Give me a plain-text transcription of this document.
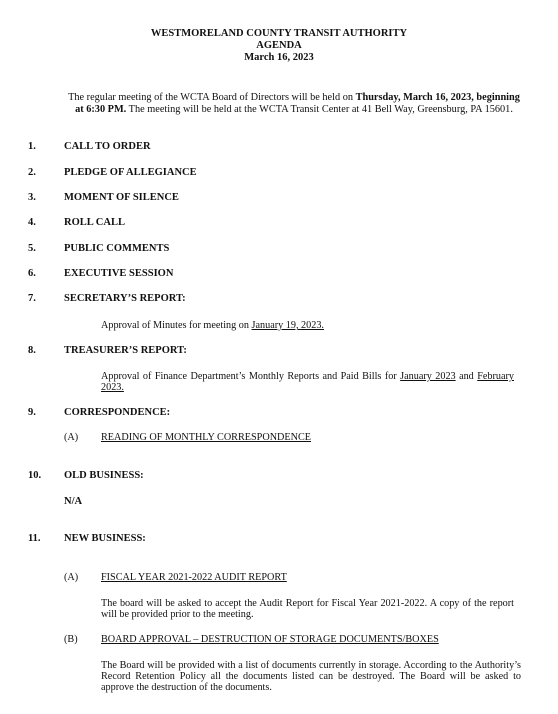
WESTMORELAND COUNTY TRANSIT AUTHORITY
AGENDA
March 16, 2023
The regular meeting of the WCTA Board of Directors will be held on Thursday, March 16, 2023, beginning at 6:30 PM. The meeting will be held at the WCTA Transit Center at 41 Bell Way, Greensburg, PA 15601.
1.	CALL TO ORDER
2.	PLEDGE OF ALLEGIANCE
3.	MOMENT OF SILENCE
4.	ROLL CALL
5.	PUBLIC COMMENTS
6.	EXECUTIVE SESSION
7.	SECRETARY’S REPORT:
Approval of Minutes for meeting on January 19, 2023.
8.	TREASURER’S REPORT:
Approval of Finance Department’s Monthly Reports and Paid Bills for January 2023 and February 2023.
9.	CORRESPONDENCE:
(A) READING OF MONTHLY CORRESPONDENCE
10. OLD BUSINESS:
N/A
11. NEW BUSINESS:
(A) FISCAL YEAR 2021-2022 AUDIT REPORT
The board will be asked to accept the Audit Report for Fiscal Year 2021-2022. A copy of the report will be provided prior to the meeting.
(B) BOARD APPROVAL – DESTRUCTION OF STORAGE DOCUMENTS/BOXES
The Board will be provided with a list of documents currently in storage. According to the Authority’s Record Retention Policy all the documents listed can be destroyed. The Board will be asked to approve the destruction of the documents.
